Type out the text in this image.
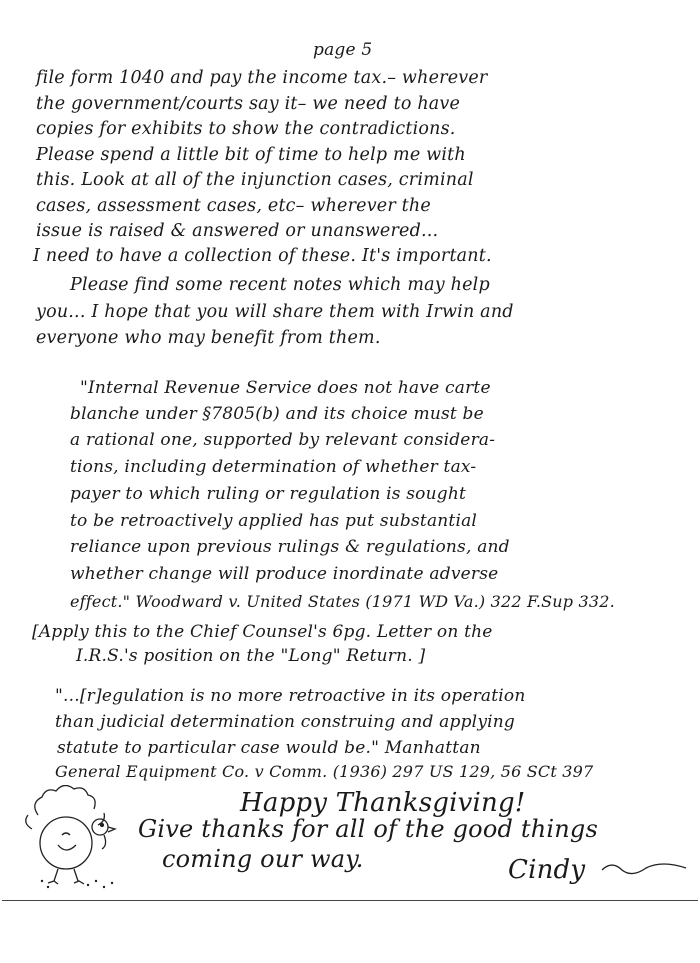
page 5
file form 1040 and pay the income tax.– wherever
the government/courts say it– we need to have
copies for exhibits to show the contradictions.
Please spend a little bit of time to help me with
this. Look at all of the injunction cases, criminal
cases, assessment cases, etc– wherever the
issue is raised & answered or unanswered...
I need to have a collection of these. It's important.
Please find some recent notes which may help
you... I hope that you will share them with Irwin and
everyone who may benefit from them.
"Internal Revenue Service does not have carte
blanche under §7805(b) and its choice must be
a rational one, supported by relevant considera-
tions, including determination of whether tax-
payer to which ruling or regulation is sought
to be retroactively applied has put substantial
reliance upon previous rulings & regulations, and
whether change will produce inordinate adverse
effect." Woodward v. United States (1971 WD Va.) 322 F.Sup 332.
[Apply this to the Chief Counsel's 6pg. Letter on the
I.R.S.'s position on the "Long" Return. ]
"...[r]egulation is no more retroactive in its operation
than judicial determination construing and applying
statute to particular case would be." Manhattan
General Equipment Co. v Comm. (1936) 297 US 129, 56 SCt 397
Happy Thanksgiving!
Give thanks for all of the good things
coming our way.	Cindy
